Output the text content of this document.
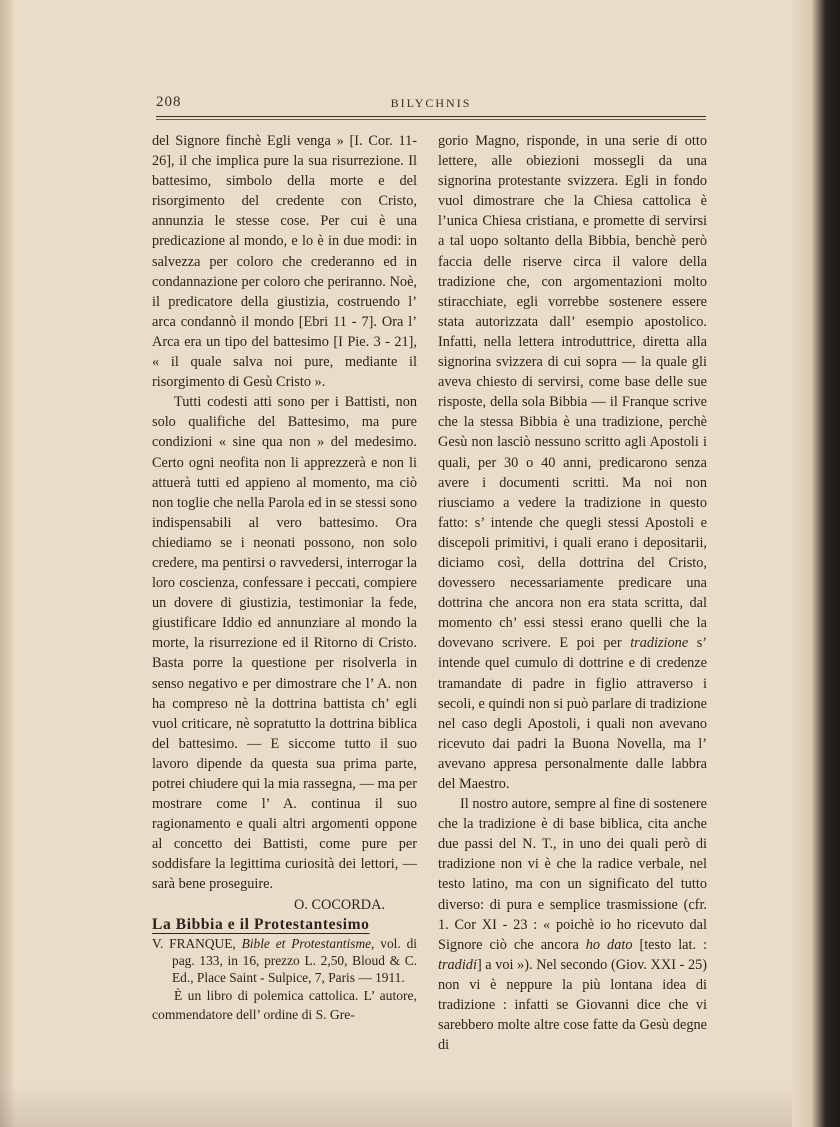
208	BILYCHNIS

del Signore finchè Egli venga » [I. Cor. 11-26], il che implica pure la sua risurrezione. Il battesimo, simbolo della morte e del risorgimento del credente con Cristo, annunzia le stesse cose. Per cui è una predicazione al mondo, e lo è in due modi: in salvezza per coloro che crederanno ed in condannazione per coloro che periranno. Noè, il predicatore della giustizia, costruendo l’ arca condannò il mondo [Ebri 11 - 7]. Ora l’ Arca era un tipo del battesimo [I Pie. 3 - 21], « il quale salva noi pure, mediante il risorgimento di Gesù Cristo ».

Tutti codesti atti sono per i Battisti, non solo qualifiche del Battesimo, ma pure condizioni « sine qua non » del medesimo. Certo ogni neofita non li apprezzerà e non li attuerà tutti ed appieno al momento, ma ciò non toglie che nella Parola ed in se stessi sono indispensabili al vero battesimo. Ora chiediamo se i neonati possono, non solo credere, ma pentirsi o ravvedersi, interrogar la loro coscienza, confessare i peccati, compiere un dovere di giustizia, testimoniar la fede, giustificare Iddio ed annunziare al mondo la morte, la risurrezione ed il Ritorno di Cristo. Basta porre la questione per risolverla in senso negativo e per dimostrare che l’ A. non ha compreso nè la dottrina battista ch’ egli vuol criticare, nè sopratutto la dottrina biblica del battesimo. — E siccome tutto il suo lavoro dipende da questa sua prima parte, potrei chiudere qui la mia rassegna, — ma per mostrare come l’ A. continua il suo ragionamento e quali altri argomenti oppone al concetto dei Battisti, come pure per soddisfare la legittima curiosità dei lettori, — sarà bene proseguire.

O. COCORDA.

La Bibbia e il Protestantesimo

V. FRANQUE, Bible et Protestantisme, vol. di pag. 133, in 16, prezzo L. 2,50, Bloud & C. Ed., Place Saint - Sulpice, 7, Paris — 1911.

È un libro di polemica cattolica. L’ autore, commendatore dell’ ordine di S. Gre-

gorio Magno, risponde, in una serie di otto lettere, alle obiezioni mossegli da una signorina protestante svizzera. Egli in fondo vuol dimostrare che la Chiesa cattolica è l’unica Chiesa cristiana, e promette di servirsi a tal uopo soltanto della Bibbia, benchè però faccia delle riserve circa il valore della tradizione che, con argomentazioni molto stiracchiate, egli vorrebbe sostenere essere stata autorizzata dall’ esempio apostolico. Infatti, nella lettera introduttrice, diretta alla signorina svizzera di cui sopra — la quale gli aveva chiesto di servirsi, come base delle sue risposte, della sola Bibbia — il Franque scrive che la stessa Bibbia è una tradizione, perchè Gesù non lasciò nessuno scritto agli Apostoli i quali, per 30 o 40 anni, predicarono senza avere i documenti scritti. Ma noi non riusciamo a vedere la tradizione in questo fatto: s’ intende che quegli stessi Apostoli e discepoli primitivi, i quali erano i depositarii, diciamo così, della dottrina del Cristo, dovessero necessariamente predicare una dottrina che ancora non era stata scritta, dal momento ch’ essi stessi erano quelli che la dovevano scrivere. E poi per tradizione s’ intende quel cumulo di dottrine e di credenze tramandate di padre in figlio attraverso i secoli, e quindi non si può parlare di tradizione nel caso degli Apostoli, i quali non avevano ricevuto dai padri la Buona Novella, ma l’ avevano appresa personalmente dalle labbra del Maestro.

Il nostro autore, sempre al fine di sostenere che la tradizione è di base biblica, cita anche due passi del N. T., in uno dei quali però di tradizione non vi è che la radice verbale, nel testo latino, ma con un significato del tutto diverso: di pura e semplice trasmissione (cfr. 1. Cor XI - 23 : « poichè io ho ricevuto dal Signore ciò che ancora ho dato [testo lat. : tradidi] a voi »). Nel secondo (Giov. XXI - 25) non vi è neppure la più lontana idea di tradizione : infatti se Giovanni dice che vi sarebbero molte altre cose fatte da Gesù degne di
